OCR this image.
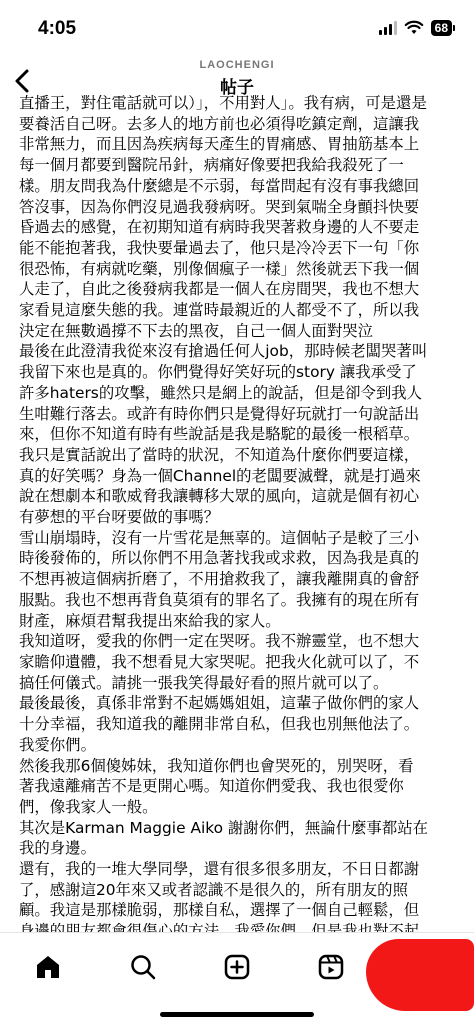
4:05	68
LAOCHENGI
帖子
直播王，對住電話就可以）」，不用對人」。我有病，可是還是
要養活自己呀。去多人的地方前也必須得吃鎮定劑，這讓我
非常無力，而且因為疾病每天產生的胃痛感、胃抽筋基本上
每一個月都要到醫院吊針，病痛好像要把我給我殺死了一
樣。朋友問我為什麼總是不示弱，每當問起有沒有事我總回
答沒事，因為你們沒見過我發病呀。哭到氣喘全身顫抖快要
昏過去的感覺，在初期知道有病時我哭著救身邊的人不要走
能不能抱著我，我快要暈過去了，他只是冷冷丟下一句「你
很恐怖，有病就吃藥，別像個瘋子一樣」然後就丟下我一個
人走了，自此之後發病我都是一個人在房間哭，我也不想大
家看見這麼失態的我。連當時最親近的人都受不了，所以我
決定在無數過撐不下去的黑夜，自己一個人面對哭泣
最後在此澄清我從來沒有搶過任何人job，那時候老闆哭著叫
我留下來也是真的。你們覺得好笑好玩的story 讓我承受了
許多haters的攻擊，雖然只是網上的說話，但是卻令到我人
生咁難行落去。或許有時你們只是覺得好玩就打一句說話出
來，但你不知道有時有些說話是我是駱駝的最後一根稻草。
我只是實話說出了當時的狀況，不知道為什麼你們要這樣，
真的好笑嗎？身為一個Channel的老闆要滅聲，就是打過來
說在想劇本和歌威脅我讓轉移大眾的風向，這就是個有初心
有夢想的平台呀要做的事嗎？
雪山崩塌時，沒有一片雪花是無辜的。這個帖子是較了三小
時後發佈的，所以你們不用急著找我或求救，因為我是真的
不想再被這個病折磨了，不用搶救我了，讓我離開真的會舒
服點。我也不想再背負莫須有的罪名了。我擁有的現在所有
財產，麻煩君幫我提出來給我的家人。
我知道呀，愛我的你們一定在哭呀。我不辦靈堂，也不想大
家瞻仰遺體，我不想看見大家哭呢。把我火化就可以了，不
搞任何儀式。請挑一張我笑得最好看的照片就可以了。
最後最後，真係非常對不起媽媽姐姐，這輩子做你們的家人
十分幸福，我知道我的離開非常自私，但我也別無他法了。
我愛你們。
然後我那6個傻姊妹，我知道你們也會哭死的，別哭呀，看
著我遠離痛苦不是更開心嗎。知道你們愛我、我也很愛你
們，像我家人一般。
其次是Karman Maggie Aiko 謝謝你們，無論什麼事都站在
我的身邊。
還有，我的一堆大學同學，還有很多很多朋友，不日日都謝
了，感謝這20年來又或者認識不是很久的，所有朋友的照
顧。我這是那樣脆弱，那樣自私，選擇了一個自己輕鬆，但
